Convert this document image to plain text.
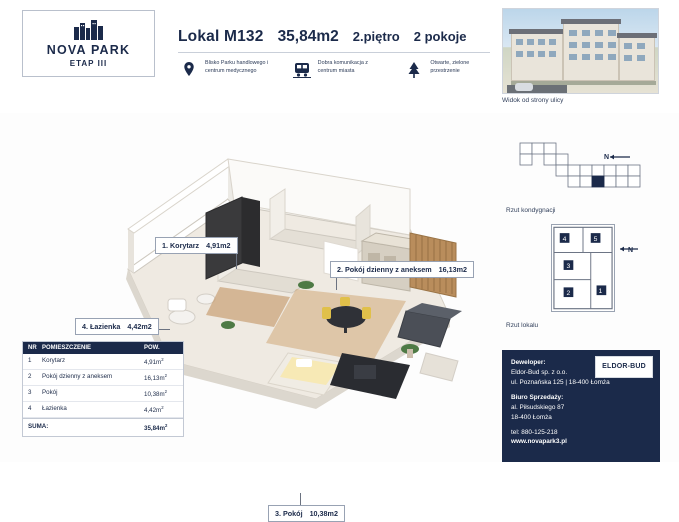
NOVA PARK
ETAP III
Lokal M132 35,84m2 2.piętro 2 pokoje
Blisko Parku handlowego i centrum medycznego
Dobra komunikacja z centrum miasta
Otwarte, zielone przestrzenie
Widok od strony ulicy
1. Korytarz 4,91m2
2. Pokój dzienny z aneksem 16,13m2
3. Pokój 10,38m2
4. Łazienka 4,42m2
NR POMIESZCZENIE	POW.
1	Korytarz	$4,91m^2$
2	Pokój dzienny z aneksem	$16,13m^2$
3	Pokój	$10,38m^2$
4	Łazienka	$4,42m^2$
SUMA:	$35,84m^2$
N
Rzut kondygnacji
4	5
3
2	1
N
Rzut lokalu
ELDOR-BUD
Deweloper:
Eldor-Bud sp. z o.o.
ul. Poznańska 125 | 18-400 Łomża
Biuro Sprzedaży:
al. Piłsudskiego 87
18-400 Łomża
tel: 880-125-218
www.novapark3.pl
